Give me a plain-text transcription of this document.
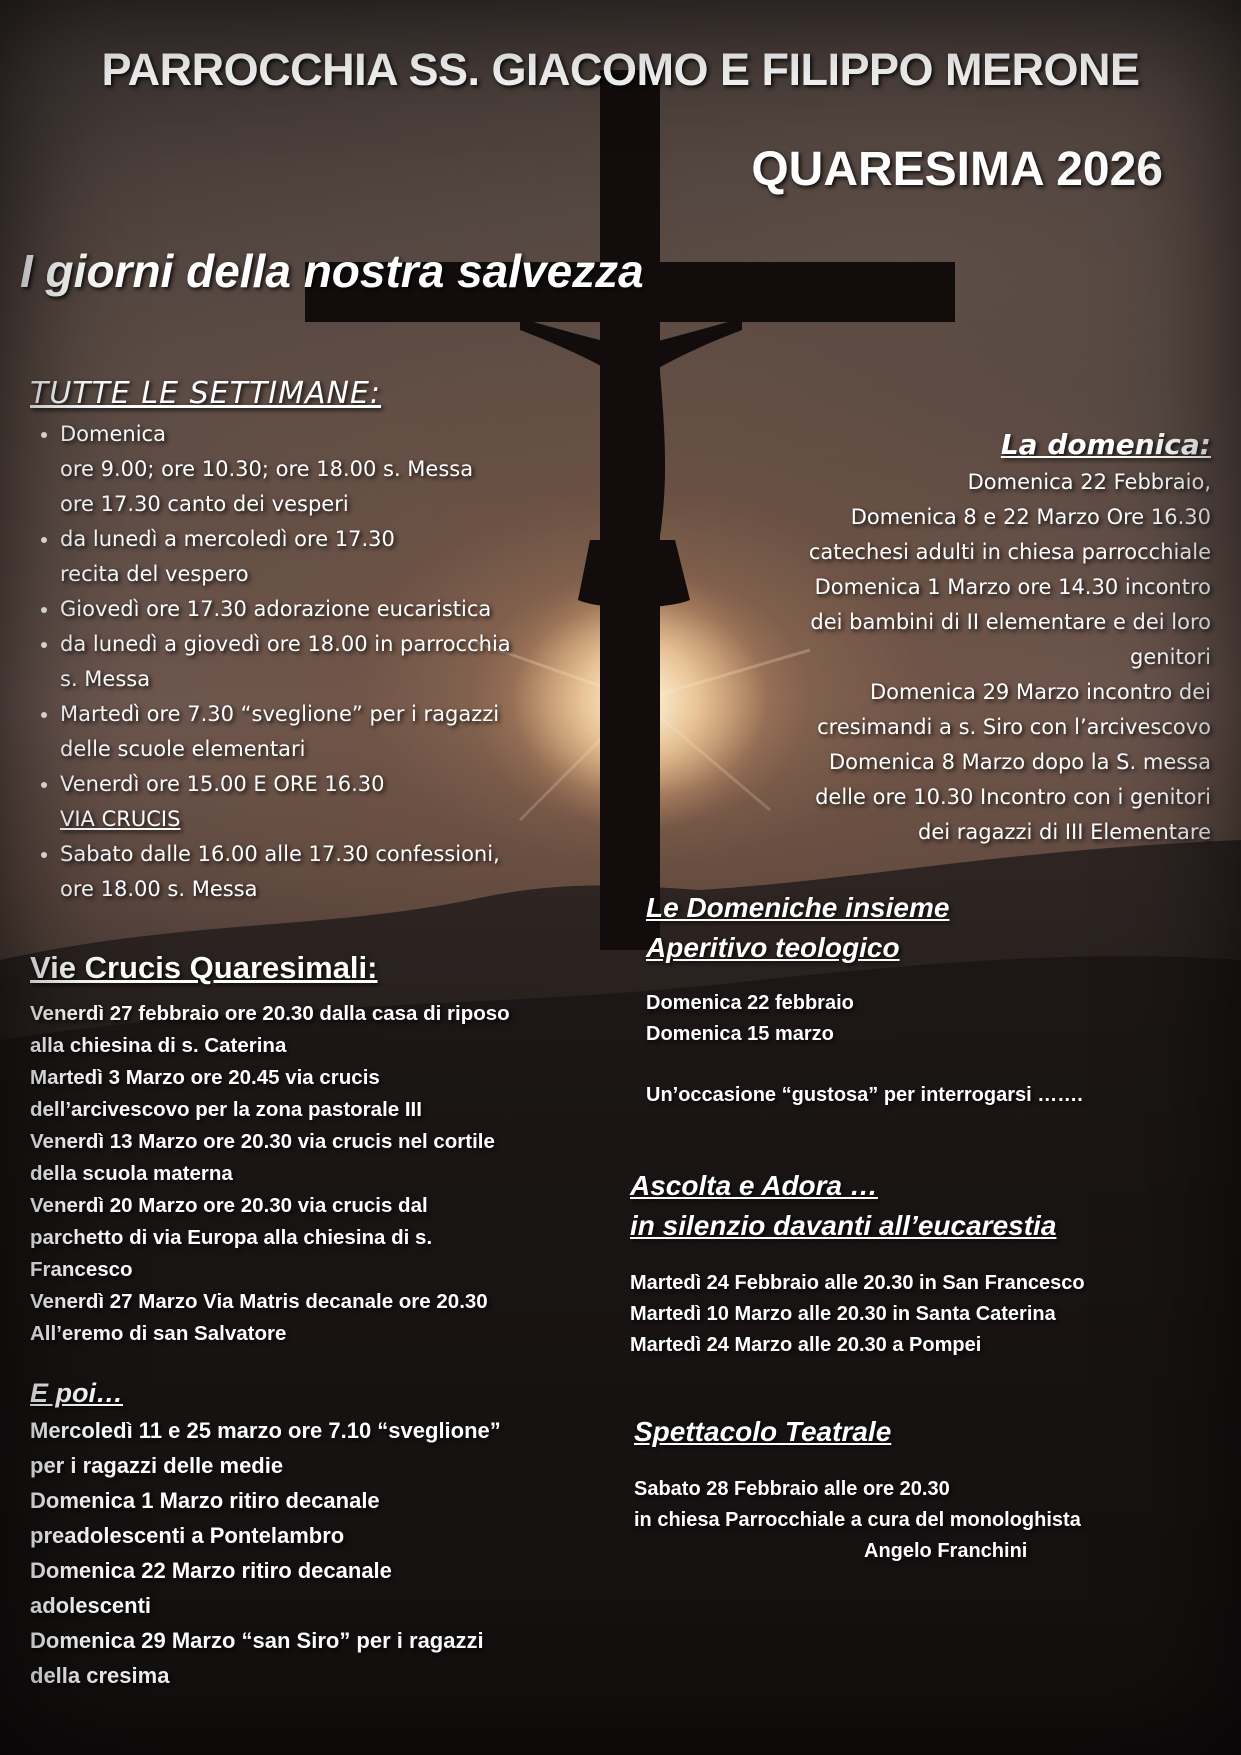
PARROCCHIA SS. GIACOMO E FILIPPO MERONE
QUARESIMA 2026
I giorni della nostra salvezza
TUTTE LE SETTIMANE:
• Domenica
ore 9.00; ore 10.30; ore 18.00 s. Messa
ore 17.30 canto dei vesperi
• da lunedì a mercoledì ore 17.30
recita del vespero
• Giovedì ore 17.30 adorazione eucaristica
• da lunedì a giovedì ore 18.00 in parrocchia
s. Messa
• Martedì ore 7.30 “sveglione” per i ragazzi
delle scuole elementari
• Venerdì ore 15.00 E ORE 16.30
VIA CRUCIS
• Sabato dalle 16.00 alle 17.30 confessioni,
ore 18.00 s. Messa
La domenica:

Domenica 22 Febbraio,
Domenica 8 e 22 Marzo Ore 16.30
catechesi adulti in chiesa parrocchiale
Domenica 1 Marzo ore 14.30 incontro
dei bambini di II elementare e dei loro
genitori
Domenica 29 Marzo incontro dei
cresimandi a s. Siro con l’arcivescovo
Domenica 8 Marzo dopo la S. messa
delle ore 10.30 Incontro con i genitori
dei ragazzi di III Elementare

Vie Crucis Quaresimali:

Venerdì 27 febbraio ore 20.30 dalla casa di riposo
alla chiesina di s. Caterina
Martedì 3 Marzo ore 20.45 via crucis
dell’arcivescovo per la zona pastorale III
Venerdì 13 Marzo ore 20.30 via crucis nel cortile
della scuola materna
Venerdì 20 Marzo ore 20.30 via crucis dal
parchetto di via Europa alla chiesina di s.
Francesco
Venerdì 27 Marzo Via Matris decanale ore 20.30
All’eremo di san Salvatore

E poi…

Mercoledì 11 e 25 marzo ore 7.10 “sveglione”
per i ragazzi delle medie
Domenica 1 Marzo ritiro decanale
preadolescenti a Pontelambro
Domenica 22 Marzo ritiro decanale
adolescenti
Domenica 29 Marzo “san Siro” per i ragazzi
della cresima

Le Domeniche insieme
Aperitivo teologico

Domenica 22 febbraio
Domenica 15 marzo

Un’occasione “gustosa” per interrogarsi …….

Ascolta e Adora …
in silenzio davanti all’eucarestia

Martedì 24 Febbraio alle 20.30 in San Francesco
Martedì 10 Marzo alle 20.30 in Santa Caterina
Martedì 24 Marzo alle 20.30 a Pompei

Spettacolo Teatrale

Sabato 28 Febbraio alle ore 20.30
in chiesa Parrocchiale a cura del monologhista

Angelo Franchini
